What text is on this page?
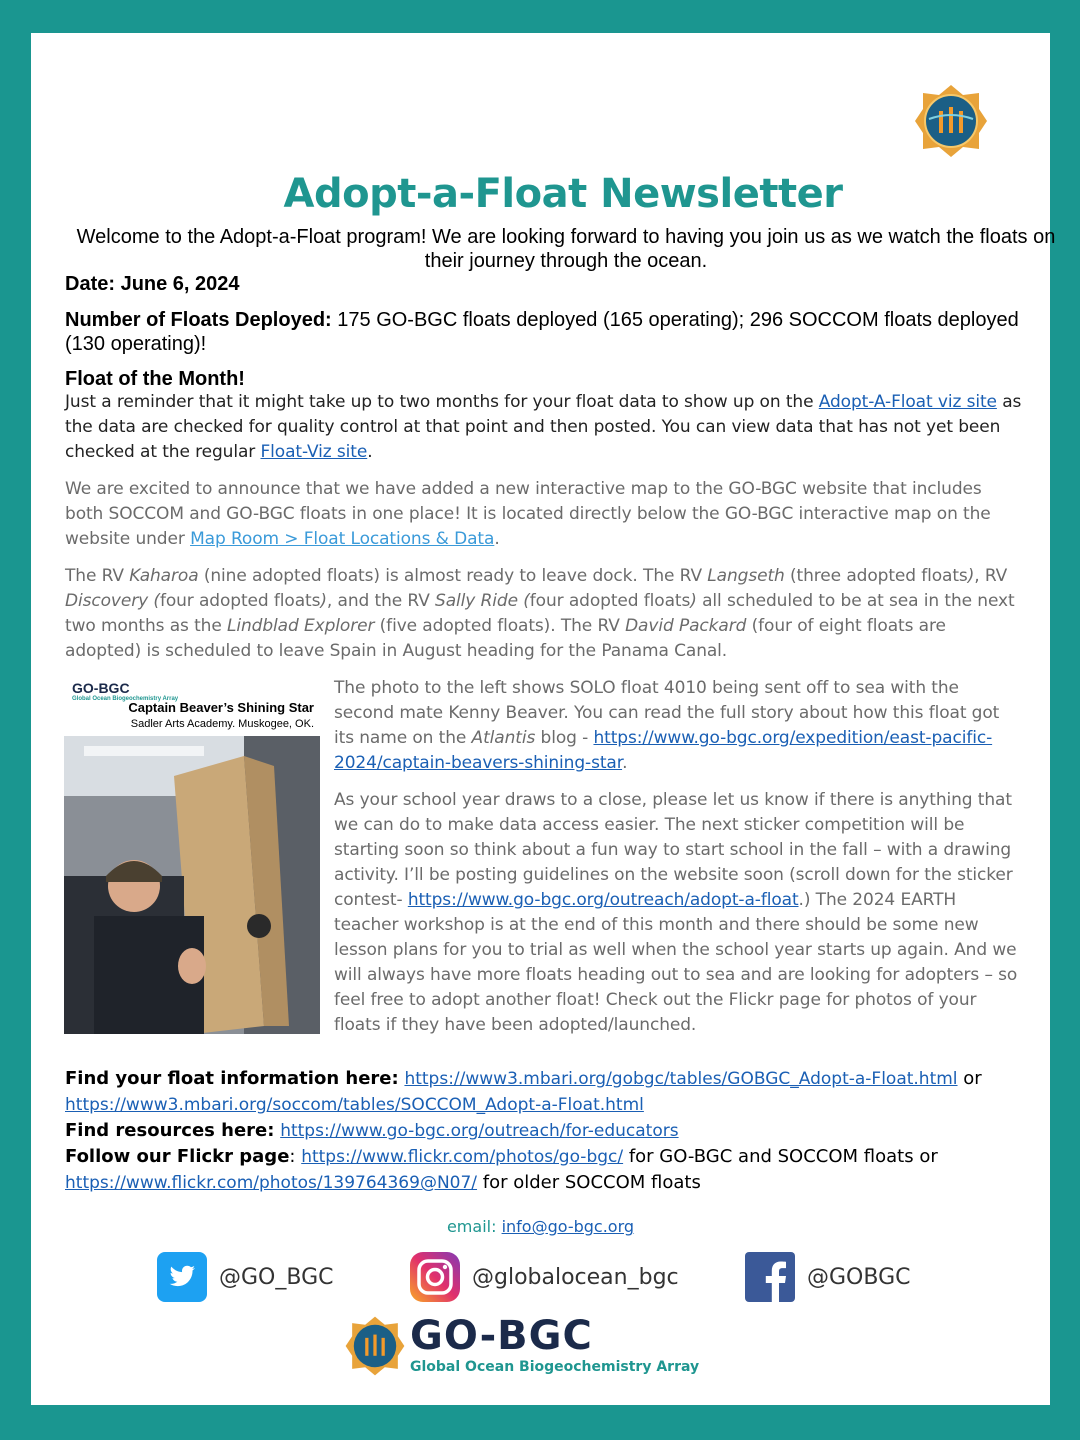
Adopt-a-Float Newsletter
Welcome to the Adopt-a-Float program! We are looking forward to having you join us as we watch the floats on their journey through the ocean.
Date: June 6, 2024
Number of Floats Deployed: 175 GO-BGC floats deployed (165 operating); 296 SOCCOM floats deployed (130 operating)!
Float of the Month!
Just a reminder that it might take up to two months for your float data to show up on the Adopt-A-Float viz site as the data are checked for quality control at that point and then posted. You can view data that has not yet been checked at the regular Float-Viz site.
We are excited to announce that we have added a new interactive map to the GO-BGC website that includes both SOCCOM and GO-BGC floats in one place! It is located directly below the GO-BGC interactive map on the website under Map Room > Float Locations & Data.
The RV Kaharoa (nine adopted floats) is almost ready to leave dock. The RV Langseth (three adopted floats), RV Discovery (four adopted floats), and the RV Sally Ride (four adopted floats) all scheduled to be at sea in the next two months as the Lindblad Explorer (five adopted floats). The RV David Packard (four of eight floats are adopted) is scheduled to leave Spain in August heading for the Panama Canal.
GO-BGC
Global Ocean Biogeochemistry Array
Captain Beaver’s Shining Star
Sadler Arts Academy. Muskogee, OK.
The photo to the left shows SOLO float 4010 being sent off to sea with the second mate Kenny Beaver. You can read the full story about how this float got its name on the Atlantis blog - https://www.go-bgc.org/expedition/east-pacific-2024/captain-beavers-shining-star.
As your school year draws to a close, please let us know if there is anything that we can do to make data access easier. The next sticker competition will be starting soon so think about a fun way to start school in the fall – with a drawing activity. I’ll be posting guidelines on the website soon (scroll down for the sticker contest- https://www.go-bgc.org/outreach/adopt-a-float.) The 2024 EARTH teacher workshop is at the end of this month and there should be some new lesson plans for you to trial as well when the school year starts up again. And we will always have more floats heading out to sea and are looking for adopters – so feel free to adopt another float! Check out the Flickr page for photos of your floats if they have been adopted/launched.
Find your float information here: https://www3.mbari.org/gobgc/tables/GOBGC_Adopt-a-Float.html or
https://www3.mbari.org/soccom/tables/SOCCOM_Adopt-a-Float.html
Find resources here: https://www.go-bgc.org/outreach/for-educators
Follow our Flickr page: https://www.flickr.com/photos/go-bgc/ for GO-BGC and SOCCOM floats or https://www.flickr.com/photos/139764369@N07/ for older SOCCOM floats
email: info@go-bgc.org
@GO_BGC	@globalocean_bgc	@GOBGC
GO-BGC
Global Ocean Biogeochemistry Array
